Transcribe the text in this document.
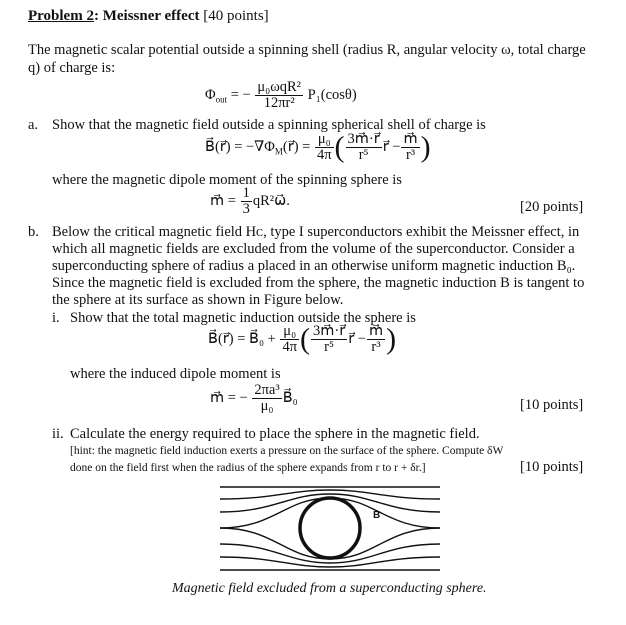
Problem 2: Meissner effect [40 points]
The magnetic scalar potential outside a spinning shell (radius R, angular velocity ω, total charge
q) of charge is:
$\Phi_{out}$ = − $\frac{\text{μ₀ωqR²}}{\text{12πr²}} P_1(\cos\theta)$
a. Show that the magnetic field outside a spinning spherical shell of charge is
B⃗(r⃗) = $-\nabla\Phi_M(r⃗) = \frac{\text{μ₀}}{4\pi}$ ( $\frac{3m⃗\cdot r⃗}{\text{r⁵}}$ r⃗ − $\frac{m⃗}{\text{r³}}$ )
where the magnetic dipole moment of the spinning sphere is
m⃗ = $\frac{1}{3}$ qR²ω⃗.	[20 points]
b. Below the critical magnetic field Hᴄ, type I superconductors exhibit the Meissner effect, in
which all magnetic fields are excluded from the volume of the superconductor. Consider a
superconducting sphere of radius a placed in an otherwise uniform magnetic induction B₀.
Since the magnetic field is excluded from the sphere, the magnetic induction B is tangent to
the sphere at its surface as shown in Figure below.
i. Show that the total magnetic induction outside the sphere is
B⃗(r⃗) = B⃗₀ + $\frac{\text{μ₀}}{4\pi}$ ( $\frac{3m⃗\cdot r⃗}{\text{r⁵}}$ r⃗ − $\frac{m⃗}{\text{r³}}$ )
where the induced dipole moment is
m⃗ = − $\frac{\text{2πa³}}{\text{μ₀}}$ B⃗₀	[10 points]
ii. Calculate the energy required to place the sphere in the magnetic field.
[hint: the magnetic field induction exerts a pressure on the surface of the sphere. Compute δW
done on the field first when the radius of the sphere expands from r to r + δr.]	[10 points]
B
Magnetic field excluded from a superconducting sphere.
